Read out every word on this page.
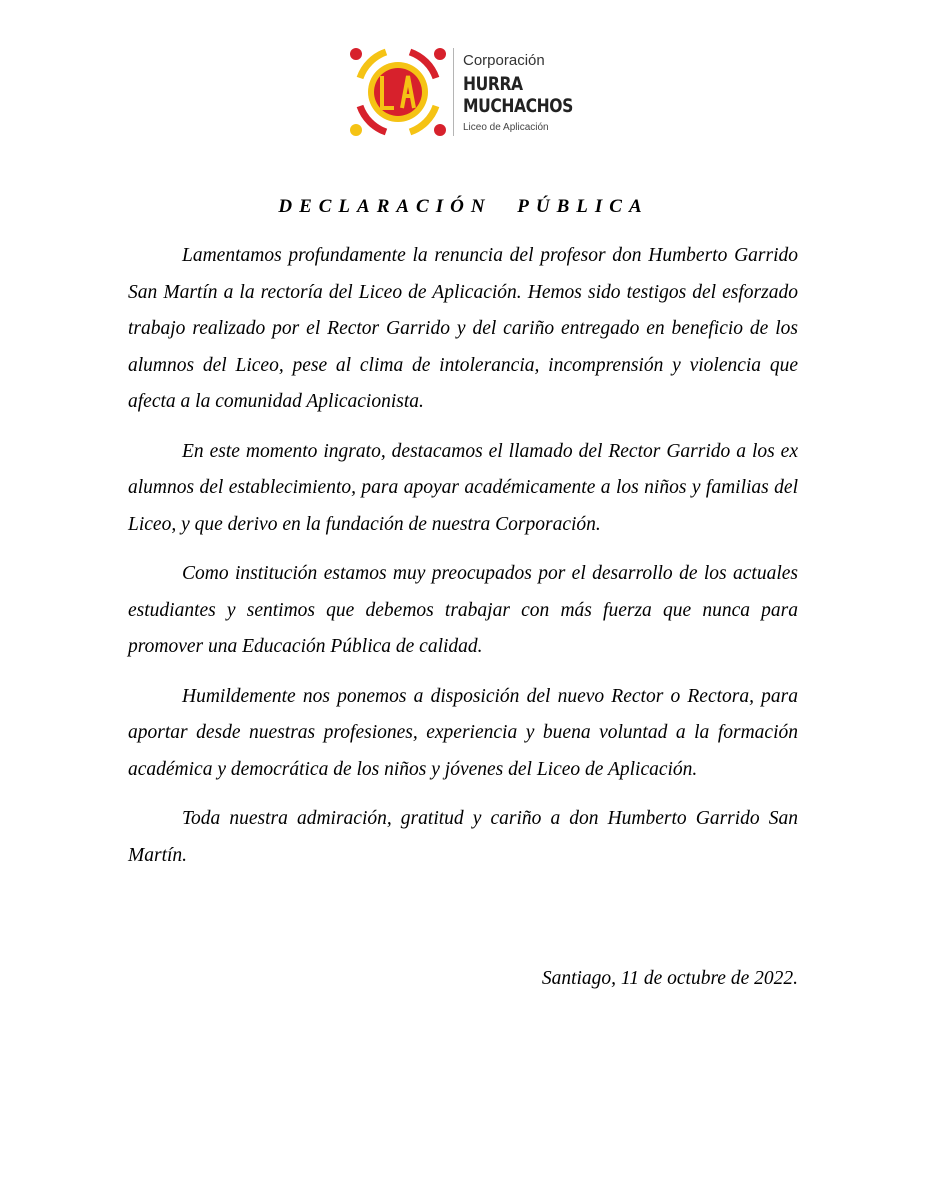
Corporación
HURRA
MUCHACHOS
Liceo de Aplicación
DECLARACIÓN PÚBLICA

Lamentamos profundamente la renuncia del profesor don Humberto Garrido San Martín a la rectoría del Liceo de Aplicación. Hemos sido testigos del esforzado trabajo realizado por el Rector Garrido y del cariño entregado en beneficio de los alumnos del Liceo, pese al clima de intolerancia, incomprensión y violencia que afecta a la comunidad Aplicacionista.

En este momento ingrato, destacamos el llamado del Rector Garrido a los ex alumnos del establecimiento, para apoyar académicamente a los niños y familias del Liceo, y que derivo en la fundación de nuestra Corporación.

Como institución estamos muy preocupados por el desarrollo de los actuales estudiantes y sentimos que debemos trabajar con más fuerza que nunca para promover una Educación Pública de calidad.

Humildemente nos ponemos a disposición del nuevo Rector o Rectora, para aportar desde nuestras profesiones, experiencia y buena voluntad a la formación académica y democrática de los niños y jóvenes del Liceo de Aplicación.

Toda nuestra admiración, gratitud y cariño a don Humberto Garrido San Martín.

Santiago, 11 de octubre de 2022.
